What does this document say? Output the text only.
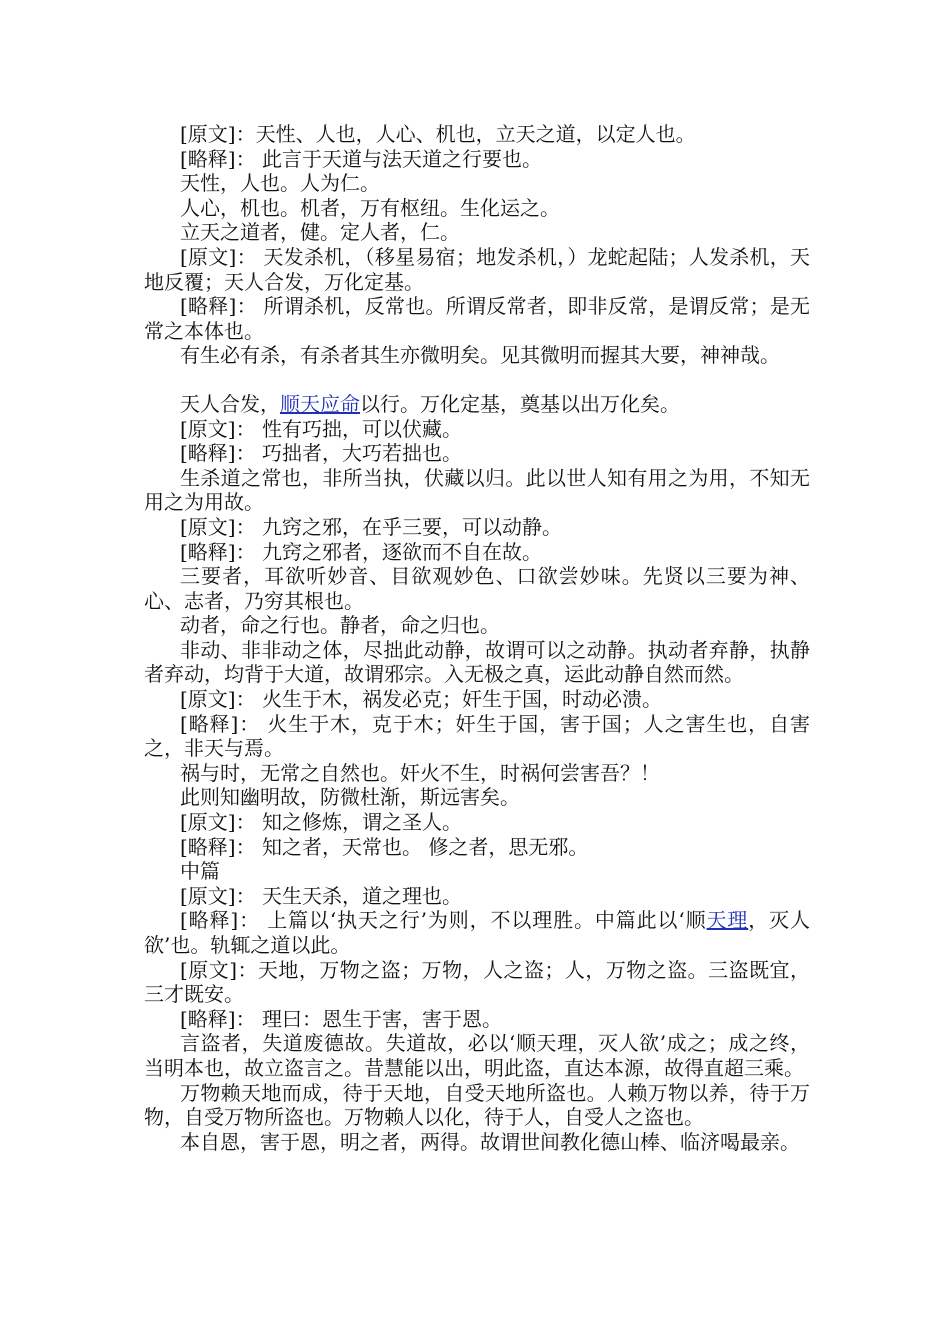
[原文]：天性、人也，人心、机也，立天之道，以定人也。

[略释]： 此言于天道与法天道之行要也。

天性，人也。人为仁。

人心，机也。机者，万有枢纽。生化运之。

立天之道者，健。定人者，仁。

[原文]： 天发杀机，（移星易宿；地发杀机，）龙蛇起陆；人发杀机，天地反覆；天人合发，万化定基。

[略释]： 所谓杀机，反常也。所谓反常者，即非反常，是谓反常；是无常之本体也。

有生必有杀，有杀者其生亦微明矣。见其微明而握其大要，神神哉。

天人合发，顺天应命以行。万化定基，奠基以出万化矣。

[原文]： 性有巧拙，可以伏藏。

[略释]： 巧拙者，大巧若拙也。

生杀道之常也，非所当执，伏藏以归。此以世人知有用之为用，不知无用之为用故。

[原文]： 九窍之邪，在乎三要，可以动静。

[略释]： 九窍之邪者，逐欲而不自在故。

三要者，耳欲听妙音、目欲观妙色、口欲尝妙味。先贤以三要为神、心、志者，乃穷其根也。

动者，命之行也。静者，命之归也。

非动、非非动之体，尽拙此动静，故谓可以之动静。执动者弃静，执静者弃动，均背于大道，故谓邪宗。入无极之真，运此动静自然而然。

[原文]： 火生于木，祸发必克；奸生于国，时动必溃。

[略释]： 火生于木，克于木；奸生于国，害于国；人之害生也，自害之，非天与焉。

祸与时，无常之自然也。奸火不生，时祸何尝害吾？！

此则知幽明故，防微杜渐，斯远害矣。

[原文]： 知之修炼，谓之圣人。

[略释]： 知之者，天常也。 修之者，思无邪。

中篇

[原文]： 天生天杀，道之理也。

[略释]： 上篇以‘执天之行’为则，不以理胜。中篇此以‘顺天理，灭人欲’也。轨辄之道以此。

[原文]：天地，万物之盗；万物，人之盗；人，万物之盗。三盗既宜，三才既安。

[略释]： 理曰：恩生于害，害于恩。

言盗者，失道废德故。失道故，必以‘顺天理，灭人欲’成之；成之终，当明本也，故立盗言之。昔慧能以出，明此盗，直达本源，故得直超三乘。

万物赖天地而成，待于天地，自受天地所盗也。人赖万物以养，待于万物，自受万物所盗也。万物赖人以化，待于人，自受人之盗也。

本自恩，害于恩，明之者，两得。故谓世间教化德山棒、临济喝最亲。
